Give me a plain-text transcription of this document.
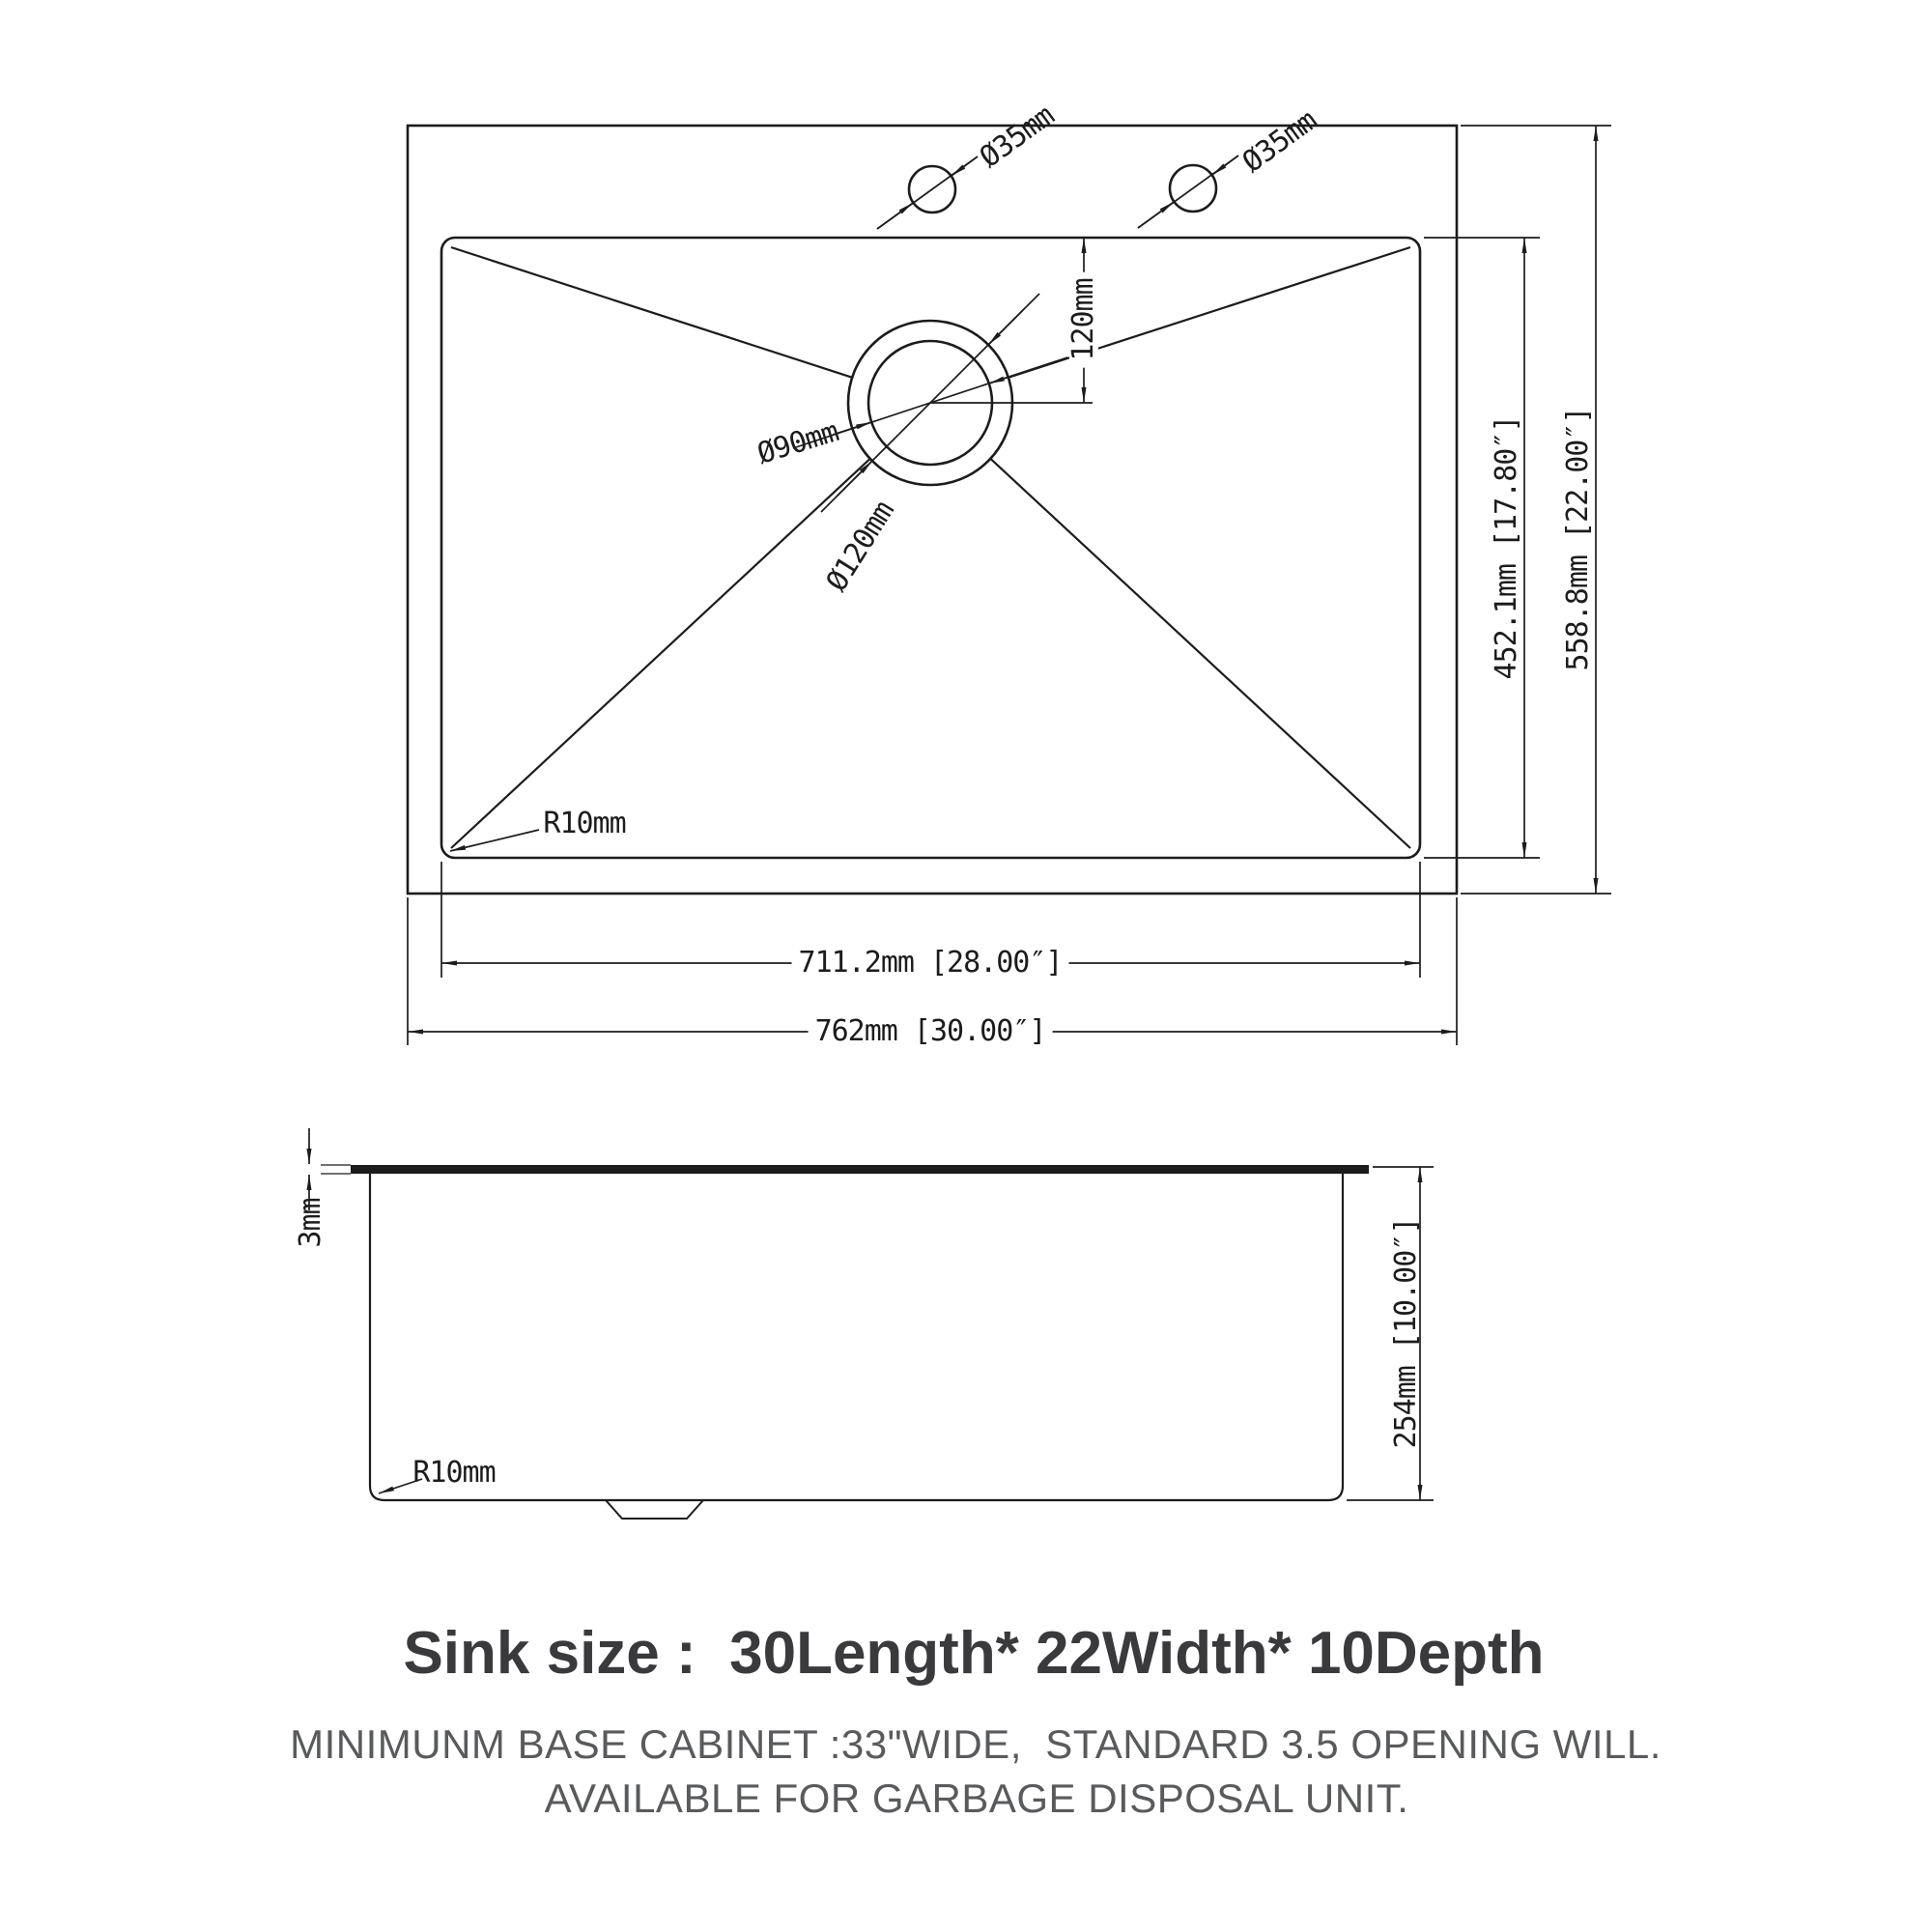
Ø35mm	Ø35mm
120mm
Ø90mm
Ø120mm
R10mm
711.2mm [28.00″]
762mm [30.00″]
452.1mm [17.80″] 558.8mm [22.00″]
3mm
R10mm
254mm [10.00″]
Sink size :  30Length* 22Width* 10Depth
MINIMUNM BASE CABINET :33"WIDE,  STANDARD 3.5 OPENING WILL.
AVAILABLE FOR GARBAGE DISPOSAL UNIT.
